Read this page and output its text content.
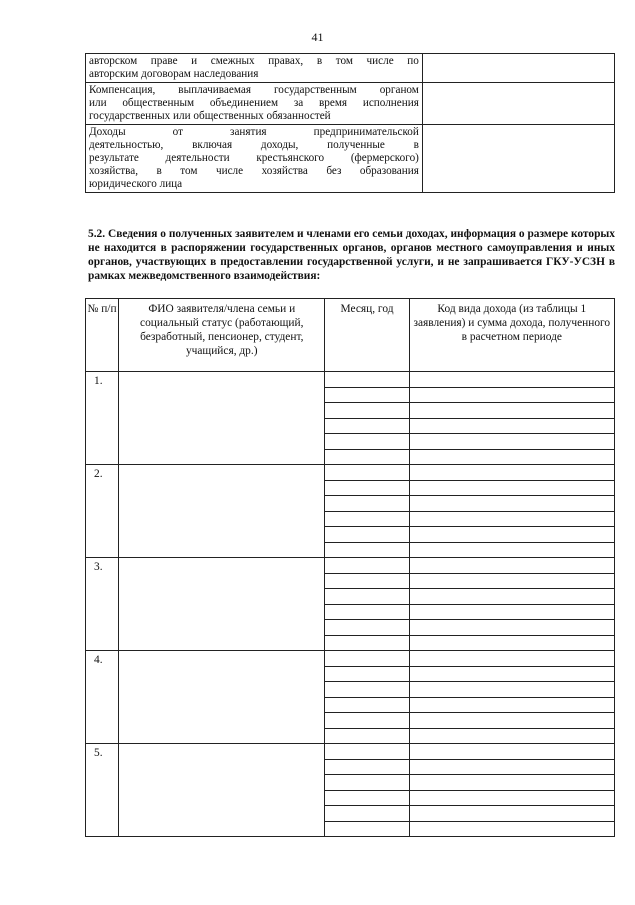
41
авторском праве и смежных правах, в том числе по
авторским договорам наследования	

Компенсация, выплачиваемая государственным органом
или общественным объединением за время исполнения
государственных или общественных обязанностей	

Доходы от занятия предпринимательской
деятельностью, включая доходы, полученные в
результате деятельности крестьянского (фермерского)
хозяйства, в том числе хозяйства без образования
юридического лица	

5.2. Сведения о полученных заявителем и членами его семьи доходах, информация о размере которых не находится в распоряжении государственных органов, органов местного самоуправления и иных органов, участвующих в предоставлении государственной услуги, и не запрашивается ГКУ-УСЗН в рамках межведомственного взаимодействия:
№ п/п	ФИО заявителя/члена семьи и социальный статус (работающий, безработный, пенсионер, студент, учащийся, др.)	Месяц, год	Код вида дохода (из таблицы 1 заявления) и сумма дохода, полученного в расчетном периоде

1.			

2.			

3.			

4.			

5.			
